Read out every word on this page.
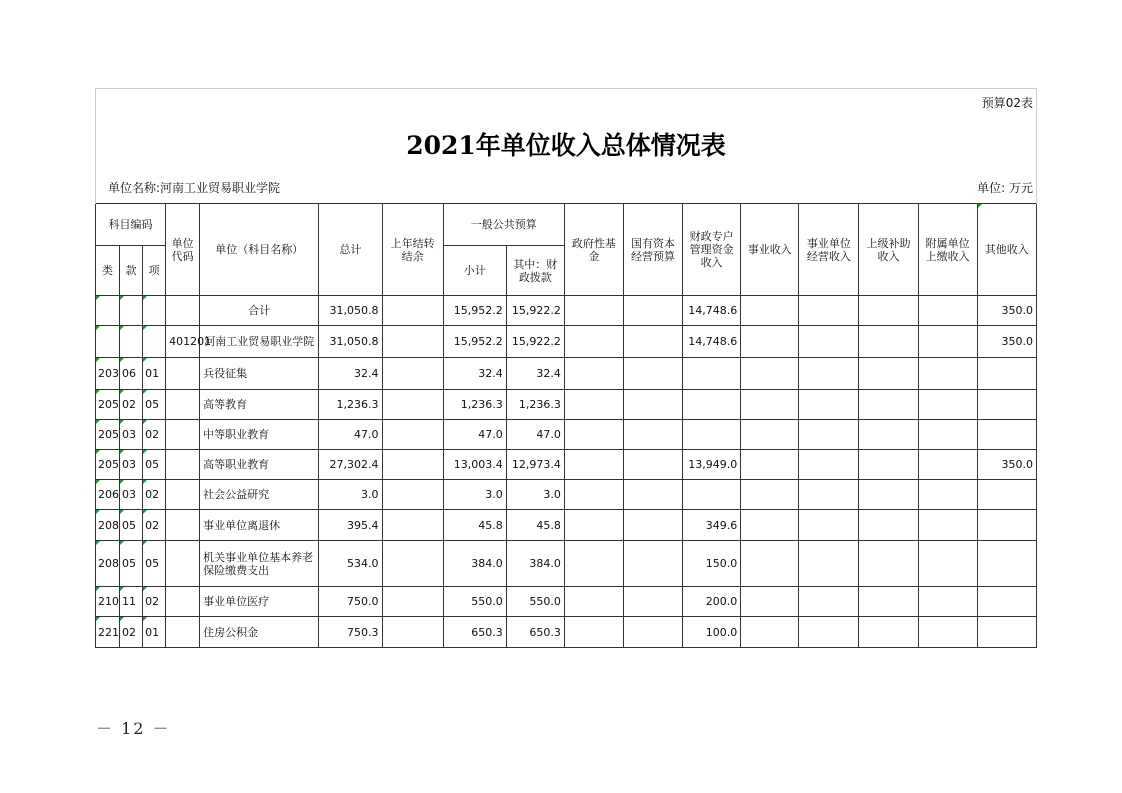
预算02表																
2021年单位收入总体情况表																
单位名称:河南工业贸易职业学院							单位: 万元									
科目编码			单位代码	单位（科目名称）	总计	上年结转结余	一般公共预算		政府性基金	国有资本经营预算	财政专户管理资金收入	事业收入	事业单位经营收入	上级补助收入	附属单位上缴收入	其他收入
类	款	项					小计	其中：财政拨款								
				合计	31,050.8		15,952.2	15,922.2			14,748.6					350.0
			401201	河南工业贸易职业学院	31,050.8		15,952.2	15,922.2			14,748.6					350.0
203	06	01		兵役征集	32.4		32.4	32.4								
205	02	05		高等教育	1,236.3		1,236.3	1,236.3								
205	03	02		中等职业教育	47.0		47.0	47.0								
205	03	05		高等职业教育	27,302.4		13,003.4	12,973.4			13,949.0					350.0
206	03	02		社会公益研究	3.0		3.0	3.0								
208	05	02		事业单位离退休	395.4		45.8	45.8			349.6					
208	05	05		机关事业单位基本养老保险缴费支出	534.0		384.0	384.0			150.0					
210	11	02		事业单位医疗	750.0		550.0	550.0			200.0					
221	02	01		住房公积金	750.3		650.3	650.3			100.0					
－ 12 －
